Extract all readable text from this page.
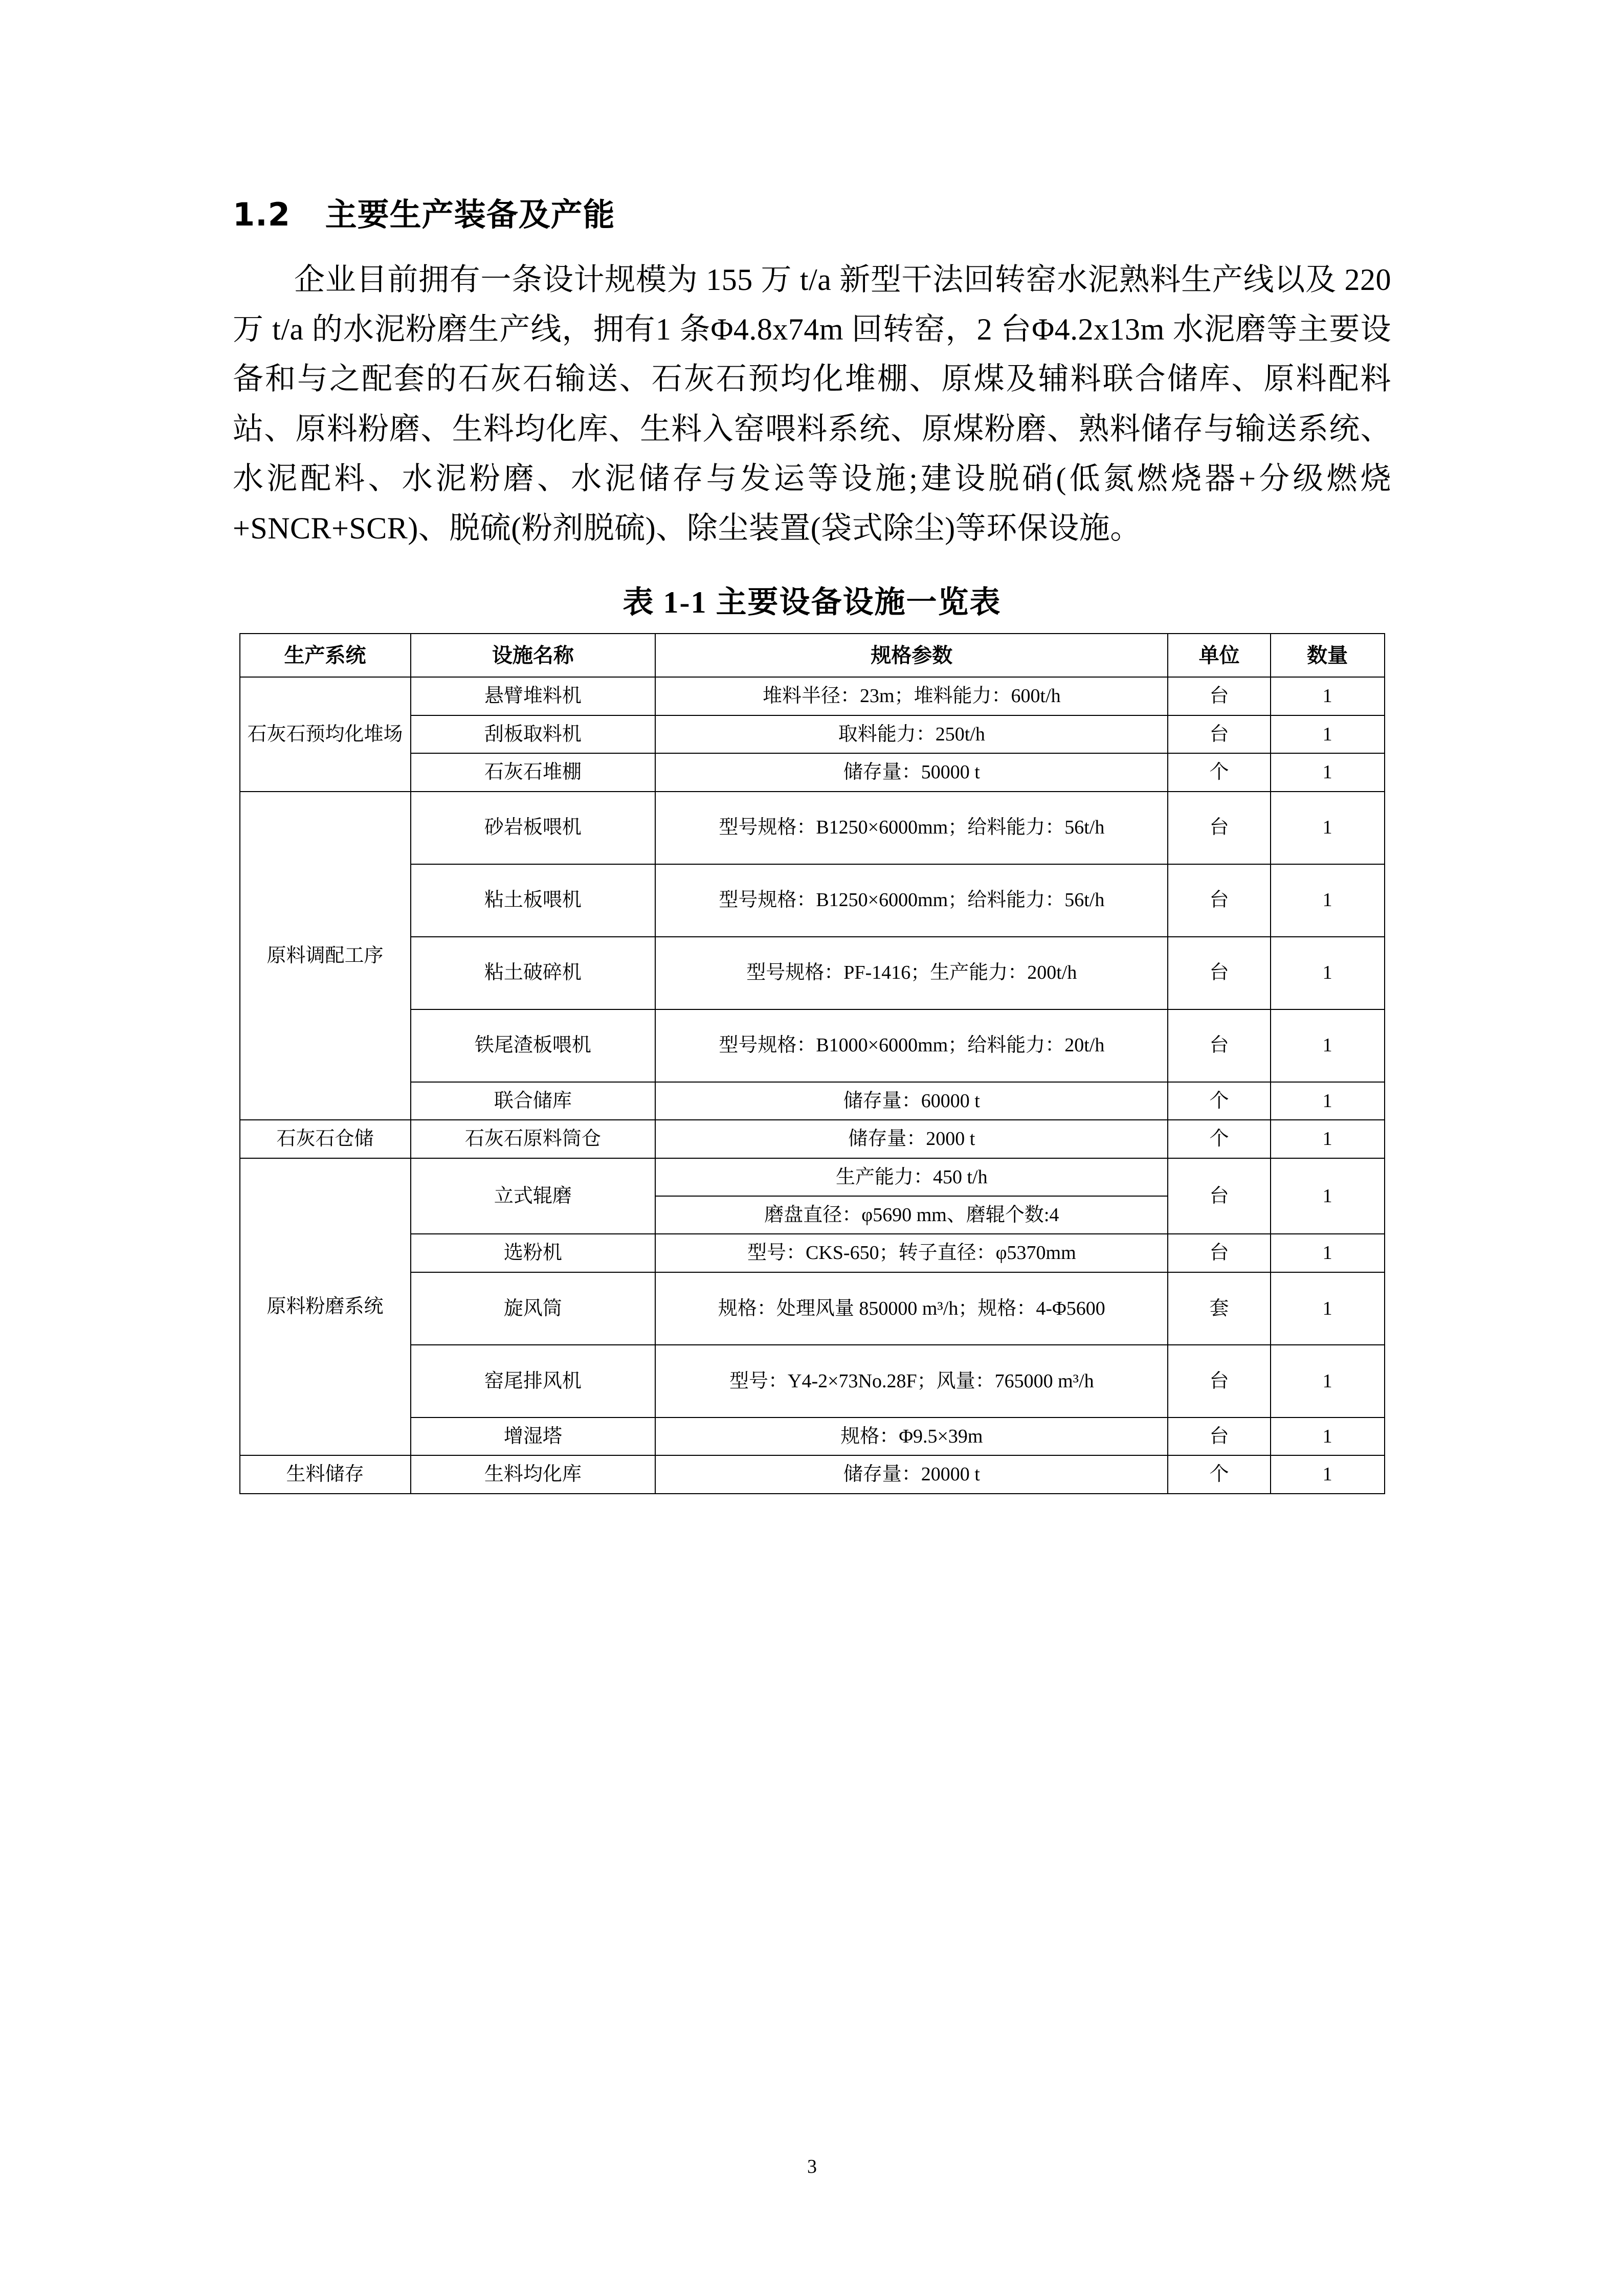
1.2 主要生产装备及产能

企业目前拥有一条设计规模为 155 万 t/a 新型干法回转窑水泥熟料生产线以及 220 万 t/a 的水泥粉磨生产线，拥有1 条Φ4.8x74m 回转窑，2 台Φ4.2x13m 水泥磨等主要设备和与之配套的石灰石输送、石灰石预均化堆棚、原煤及辅料联合储库、原料配料站、原料粉磨、生料均化库、生料入窑喂料系统、原煤粉磨、熟料储存与输送系统、水泥配料、水泥粉磨、水泥储存与发运等设施;建设脱硝(低氮燃烧器+分级燃烧+SNCR+SCR)、脱硫(粉剂脱硫)、除尘装置(袋式除尘)等环保设施。

表 1-1 主要设备设施一览表
生产系统	设施名称	规格参数	单位	数量
石灰石预均化堆场	悬臂堆料机	堆料半径：23m；堆料能力：600t/h	台	1
	刮板取料机	取料能力：250t/h	台	1
	石灰石堆棚	储存量：50000 t	个	1
原料调配工序	砂岩板喂机	型号规格：B1250×6000mm；给料能力：56t/h	台	1
	粘土板喂机	型号规格：B1250×6000mm；给料能力：56t/h	台	1
	粘土破碎机	型号规格：PF-1416；生产能力：200t/h	台	1
	铁尾渣板喂机	型号规格：B1000×6000mm；给料能力：20t/h	台	1
	联合储库	储存量：60000 t	个	1
石灰石仓储	石灰石原料筒仓	储存量：2000 t	个	1
原料粉磨系统	立式辊磨	生产能力：450 t/h	台	1
		磨盘直径：φ5690 mm、磨辊个数:4		
	选粉机	型号：CKS-650；转子直径：φ5370mm	台	1
	旋风筒	规格：处理风量 850000 m³/h；规格：4-Φ5600	套	1
	窑尾排风机	型号：Y4-2×73No.28F；风量：765000 m³/h	台	1
	增湿塔	规格：Φ9.5×39m	台	1
生料储存	生料均化库	储存量：20000 t	个	1
3
